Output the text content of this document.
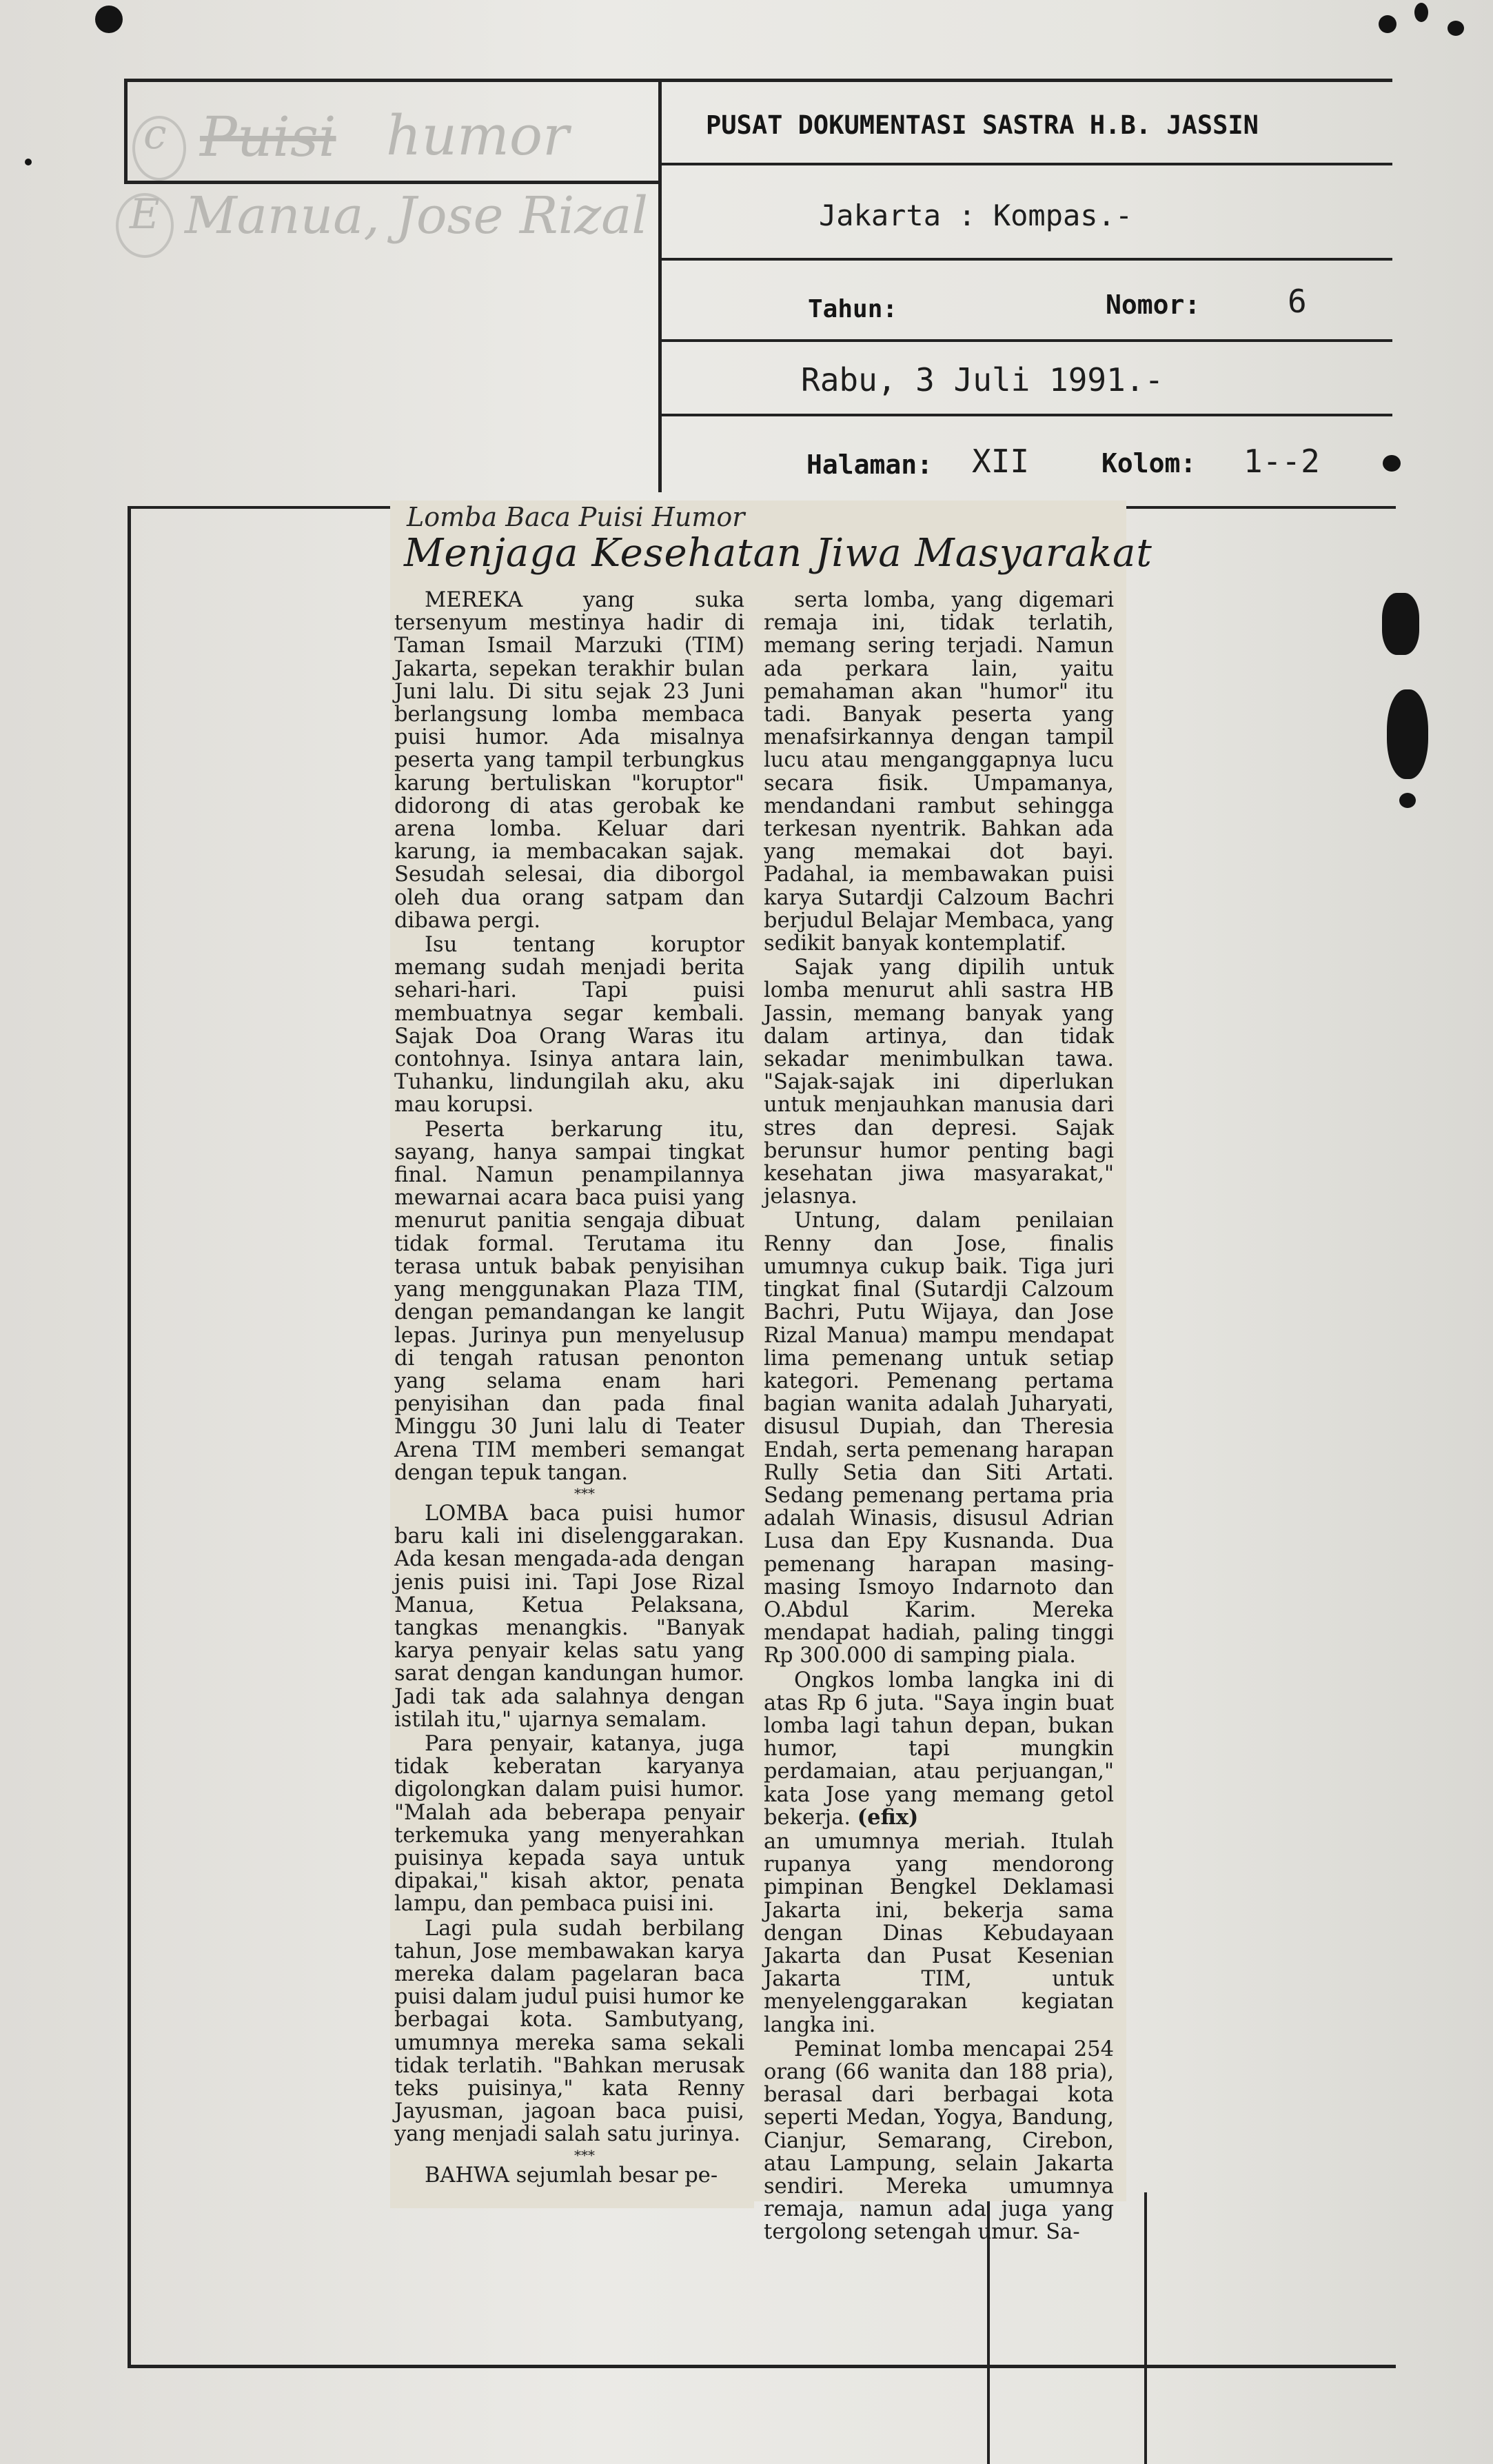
c Puisi humor
E Manua, Jose Rizal
PUSAT DOKUMENTASI SASTRA H.B. JASSIN
Jakarta : Kompas.-
Tahun:	Nomor:	6
Rabu, 3 Juli 1991.-
Halaman: XII	Kolom: 1--2
Lomba Baca Puisi Humor
Menjaga Kesehatan Jiwa Masyarakat

MEREKA yang suka tersenyum mestinya hadir di Taman Ismail Marzuki (TIM) Jakarta, sepekan terakhir bulan Juni lalu. Di situ sejak 23 Juni berlangsung lomba membaca puisi humor. Ada misalnya peserta yang tampil terbungkus karung bertuliskan "koruptor" didorong di atas gerobak ke arena lomba. Keluar dari karung, ia membacakan sajak. Sesudah selesai, dia diborgol oleh dua orang satpam dan dibawa pergi.

Isu tentang koruptor memang sudah menjadi berita sehari-hari. Tapi puisi membuatnya segar kembali. Sajak Doa Orang Waras itu contohnya. Isinya antara lain, Tuhanku, lindungilah aku, aku mau korupsi.

Peserta berkarung itu, sayang, hanya sampai tingkat final. Namun penampilannya mewarnai acara baca puisi yang menurut panitia sengaja dibuat tidak formal. Terutama itu terasa untuk babak penyisihan yang menggunakan Plaza TIM, dengan pemandangan ke langit lepas. Jurinya pun menyelusup di tengah ratusan penonton yang selama enam hari penyisihan dan pada final Minggu 30 Juni lalu di Teater Arena TIM memberi semangat dengan tepuk tangan.

***

LOMBA baca puisi humor baru kali ini diselenggarakan. Ada kesan mengada-ada dengan jenis puisi ini. Tapi Jose Rizal Manua, Ketua Pelaksana, tangkas menangkis. "Banyak karya penyair kelas satu yang sarat dengan kandungan humor. Jadi tak ada salahnya dengan istilah itu," ujarnya semalam.

Para penyair, katanya, juga tidak keberatan karyanya digolongkan dalam puisi humor. "Malah ada beberapa penyair terkemuka yang menyerahkan puisinya kepada saya untuk dipakai," kisah aktor, penata lampu, dan pembaca puisi ini.

Lagi pula sudah berbilang tahun, Jose membawakan karya mereka dalam pagelaran baca puisi dalam judul puisi humor ke berbagai kota. Sambutyang, umumnya mereka sama sekali tidak terlatih. "Bahkan merusak teks puisinya," kata Renny Jayusman, jagoan baca puisi, yang menjadi salah satu jurinya.

***

BAHWA sejumlah besar pe-

serta lomba, yang digemari remaja ini, tidak terlatih, memang sering terjadi. Namun ada perkara lain, yaitu pemahaman akan "humor" itu tadi. Banyak peserta yang menafsirkannya dengan tampil lucu atau menganggapnya lucu secara fisik. Umpamanya, mendandani rambut sehingga terkesan nyentrik. Bahkan ada yang memakai dot bayi. Padahal, ia membawakan puisi karya Sutardji Calzoum Bachri berjudul Belajar Membaca, yang sedikit banyak kontemplatif.

Sajak yang dipilih untuk lomba menurut ahli sastra HB Jassin, memang banyak yang dalam artinya, dan tidak sekadar menimbulkan tawa. "Sajak-sajak ini diperlukan untuk menjauhkan manusia dari stres dan depresi. Sajak berunsur humor penting bagi kesehatan jiwa masyarakat," jelasnya.

Untung, dalam penilaian Renny dan Jose, finalis umumnya cukup baik. Tiga juri tingkat final (Sutardji Calzoum Bachri, Putu Wijaya, dan Jose Rizal Manua) mampu mendapat lima pemenang untuk setiap kategori. Pemenang pertama bagian wanita adalah Juharyati, disusul Dupiah, dan Theresia Endah, serta pemenang harapan Rully Setia dan Siti Artati. Sedang pemenang pertama pria adalah Winasis, disusul Adrian Lusa dan Epy Kusnanda. Dua pemenang harapan masing-masing Ismoyo Indarnoto dan O.Abdul Karim. Mereka mendapat hadiah, paling tinggi Rp 300.000 di samping piala.

Ongkos lomba langka ini di atas Rp 6 juta. "Saya ingin buat lomba lagi tahun depan, bukan humor, tapi mungkin perdamaian, atau perjuangan," kata Jose yang memang getol bekerja. (efix)

an umumnya meriah. Itulah rupanya yang mendorong pimpinan Bengkel Deklamasi Jakarta ini, bekerja sama dengan Dinas Kebudayaan Jakarta dan Pusat Kesenian Jakarta TIM, untuk menyelenggarakan kegiatan langka ini.

Peminat lomba mencapai 254 orang (66 wanita dan 188 pria), berasal dari berbagai kota seperti Medan, Yogya, Bandung, Cianjur, Semarang, Cirebon, atau Lampung, selain Jakarta sendiri. Mereka umumnya remaja, namun ada juga yang tergolong setengah umur. Sa-
